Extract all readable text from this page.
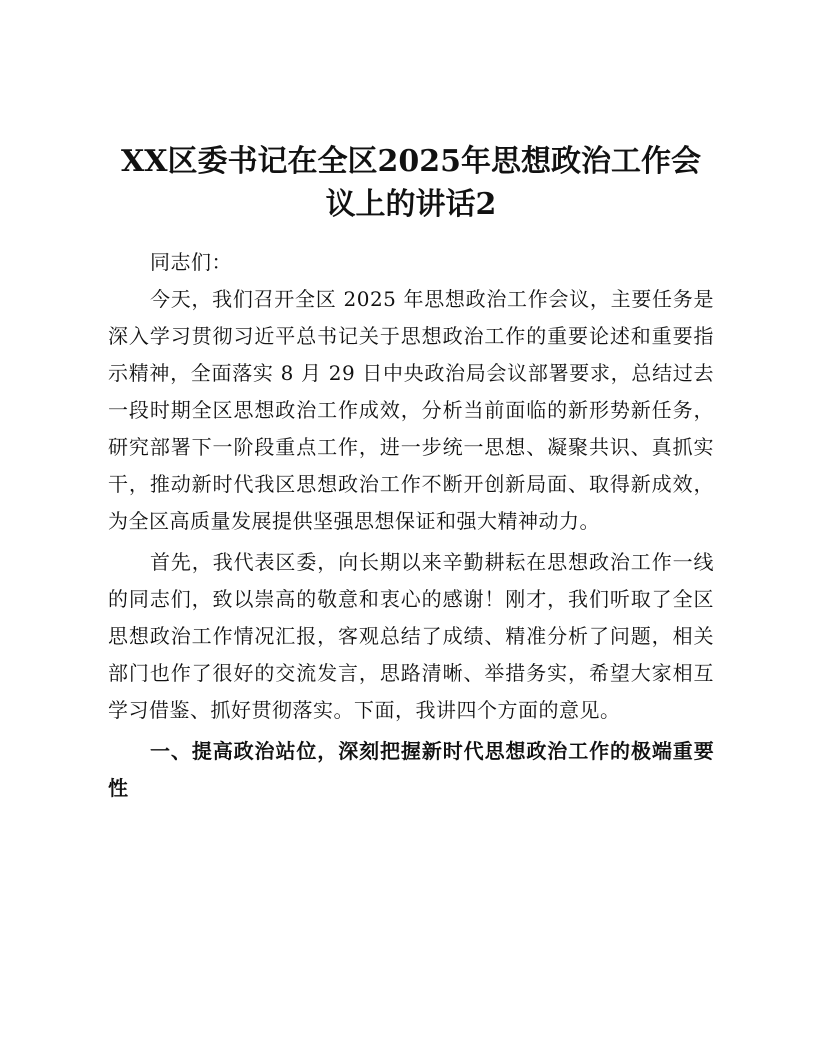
XX区委书记在全区2025年思想政治工作会议上的讲话2

同志们：

今天，我们召开全区 2025 年思想政治工作会议，主要任务是深入学习贯彻习近平总书记关于思想政治工作的重要论述和重要指示精神，全面落实 8 月 29 日中央政治局会议部署要求，总结过去一段时期全区思想政治工作成效，分析当前面临的新形势新任务，研究部署下一阶段重点工作，进一步统一思想、凝聚共识、真抓实干，推动新时代我区思想政治工作不断开创新局面、取得新成效，为全区高质量发展提供坚强思想保证和强大精神动力。

首先，我代表区委，向长期以来辛勤耕耘在思想政治工作一线的同志们，致以崇高的敬意和衷心的感谢！刚才，我们听取了全区思想政治工作情况汇报，客观总结了成绩、精准分析了问题，相关部门也作了很好的交流发言，思路清晰、举措务实，希望大家相互学习借鉴、抓好贯彻落实。下面，我讲四个方面的意见。

一、提高政治站位，深刻把握新时代思想政治工作的极端重要性
